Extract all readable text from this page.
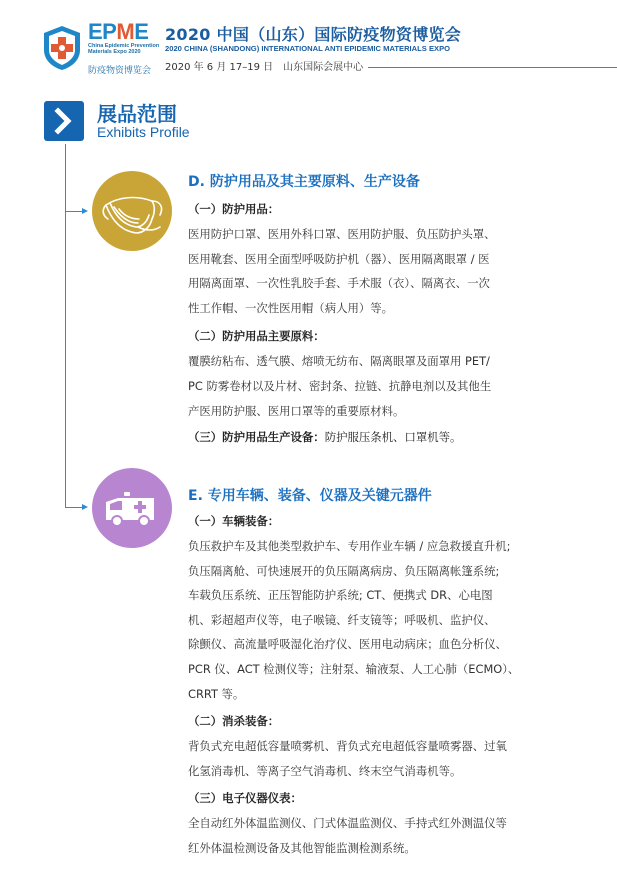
EPME
China Epidemic Prevention Materials Expo 2020
防疫物资博览会
2020 中国（山东）国际防疫物资博览会
2020 CHINA (SHANDONG) INTERNATIONAL ANTI EPIDEMIC MATERIALS EXPO
2020 年 6 月 17–19 日　山东国际会展中心
展品范围
Exhibits Profile
D. 防护用品及其主要原料、生产设备
（一）防护用品：
医用防护口罩、医用外科口罩、医用防护服、负压防护头罩、
医用靴套、医用全面型呼吸防护机（器）、医用隔离眼罩 / 医
用隔离面罩、一次性乳胶手套、手术服（衣）、隔离衣、一次
性工作帽、一次性医用帽（病人用）等。
（二）防护用品主要原料：
覆膜纺粘布、透气膜、熔喷无纺布、隔离眼罩及面罩用 PET/
PC 防雾卷材以及片材、密封条、拉链、抗静电剂以及其他生
产医用防护服、医用口罩等的重要原材料。
（三）防护用品生产设备：防护服压条机、口罩机等。
E. 专用车辆、装备、仪器及关键元器件
（一）车辆装备：
负压救护车及其他类型救护车、专用作业车辆 / 应急救援直升机;
负压隔离舱、可快速展开的负压隔离病房、负压隔离帐篷系统;
车载负压系统、正压智能防护系统; CT、便携式 DR、心电图
机、彩超超声仪等，电子喉镜、纤支镜等；呼吸机、监护仪、
除颤仪、高流量呼吸湿化治疗仪、医用电动病床；血色分析仪、
PCR 仪、ACT 检测仪等；注射泵、输液泵、人工心肺（ECMO）、
CRRT 等。
（二）消杀装备：
背负式充电超低容量喷雾机、背负式充电超低容量喷雾器、过氧
化氢消毒机、等离子空气消毒机、终末空气消毒机等。
（三）电子仪器仪表：
全自动红外体温监测仪、门式体温监测仪、手持式红外测温仪等
红外体温检测设备及其他智能监测检测系统。
